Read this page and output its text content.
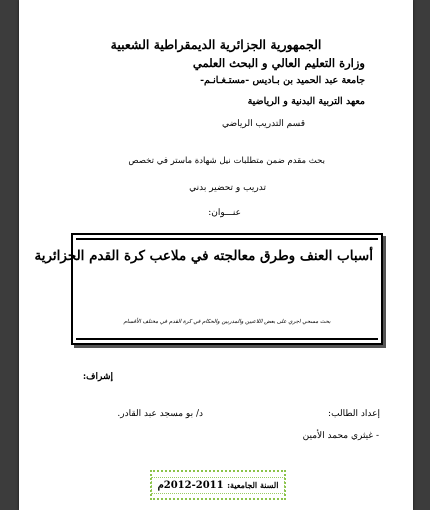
الجمهورية الجزائرية الديمقراطية الشعبية
وزارة التعليم العالي و البحث العلمي
جامعة عبد الحميد بن بـاديس -مستـغـانـم-
معهد التربية البدنية و الرياضية
قسم التدريب الرياضي
بحث مقدم ضمن متطلبات نيل شهادة ماستر في تخصص
تدريب و تحضير بدني
عنـــوان:
أسباب العنف وطرق معالجته في ملاعب كرة القدم الجزائرية
بحث مسحي اجري على بعض اللاعبين والمدربين والحكام في كرة القدم في مختلف الأقسام
إشراف:
د/ بو مسجد عبد القادر.	إعداد الطالب:
- غيثري محمد الأمين
السنة الجامعية: 2011-2012م
